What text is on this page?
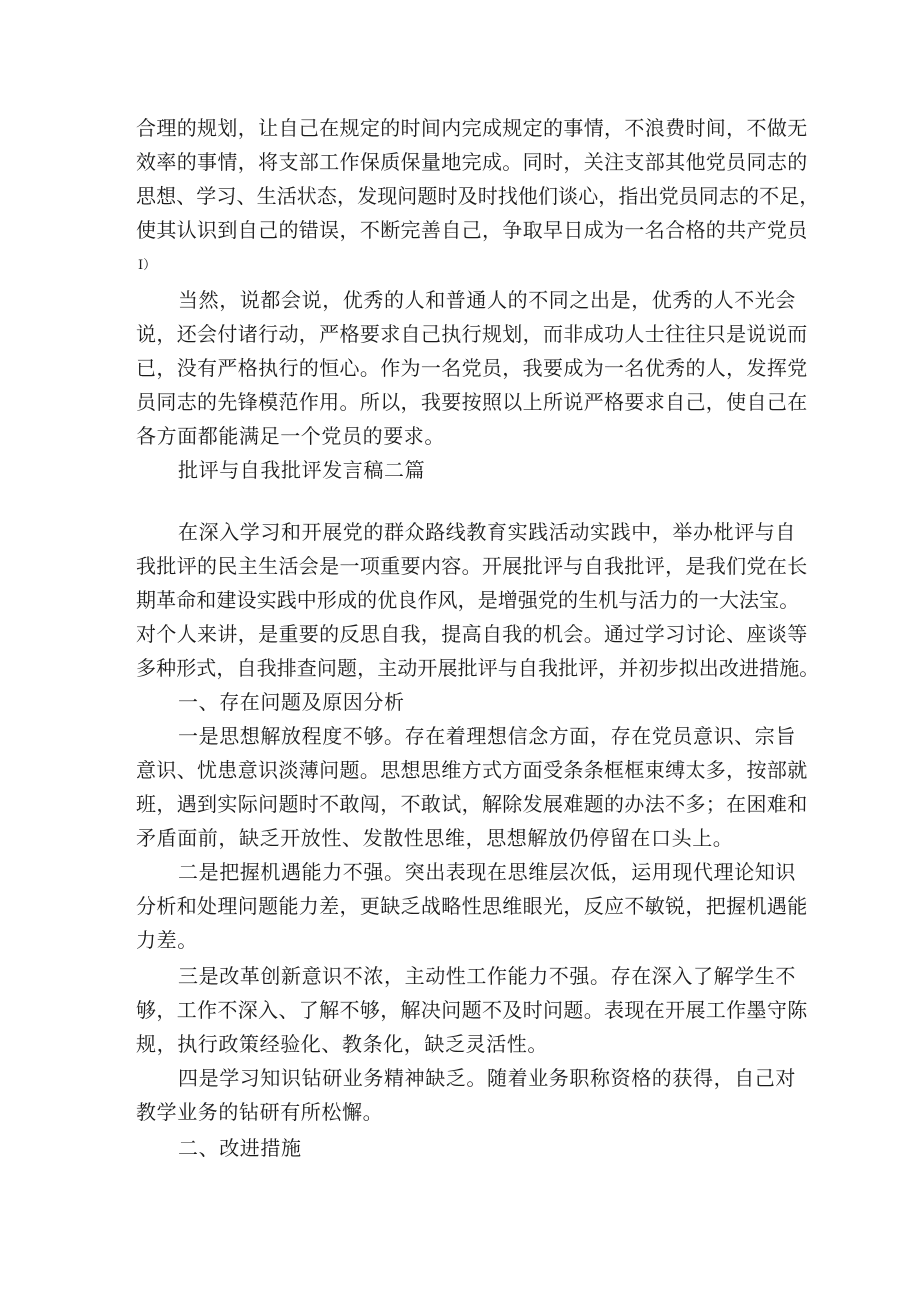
合理的规划，让自己在规定的时间内完成规定的事情，不浪费时间，不做无
效率的事情，将支部工作保质保量地完成。同时，关注支部其他党员同志的
思想、学习、生活状态，发现问题时及时找他们谈心，指出党员同志的不足，
使其认识到自己的错误，不断完善自己，争取早日成为一名合格的共产党员
I）
当然，说都会说，优秀的人和普通人的不同之出是，优秀的人不光会
说，还会付诸行动，严格要求自己执行规划，而非成功人士往往只是说说而
已，没有严格执行的恒心。作为一名党员，我要成为一名优秀的人，发挥党
员同志的先锋模范作用。所以，我要按照以上所说严格要求自己，使自己在
各方面都能满足一个党员的要求。
批评与自我批评发言稿二篇
在深入学习和开展党的群众路线教育实践活动实践中，举办枇评与自
我批评的民主生活会是一项重要内容。开展批评与自我批评，是我们党在长
期革命和建设实践中形成的优良作风，是增强党的生机与活力的一大法宝。
对个人来讲，是重要的反思自我，提高自我的机会。通过学习讨论、座谈等
多种形式，自我排查问题，主动开展批评与自我批评，并初步拟出改进措施。
一、存在问题及原因分析
一是思想解放程度不够。存在着理想信念方面，存在党员意识、宗旨
意识、忧患意识淡薄问题。思想思维方式方面受条条框框束缚太多，按部就
班，遇到实际问题时不敢闯，不敢试，解除发展难题的办法不多；在困难和
矛盾面前，缺乏开放性、发散性思维，思想解放仍停留在口头上。
二是把握机遇能力不强。突出表现在思维层次低，运用现代理论知识
分析和处理问题能力差，更缺乏战略性思维眼光，反应不敏锐，把握机遇能
力差。
三是改革创新意识不浓，主动性工作能力不强。存在深入了解学生不
够，工作不深入、了解不够，解决问题不及时问题。表现在开展工作墨守陈
规，执行政策经验化、教条化，缺乏灵活性。
四是学习知识钻研业务精神缺乏。随着业务职称资格的获得，自己对
教学业务的钻研有所松懈。
二、改进措施
